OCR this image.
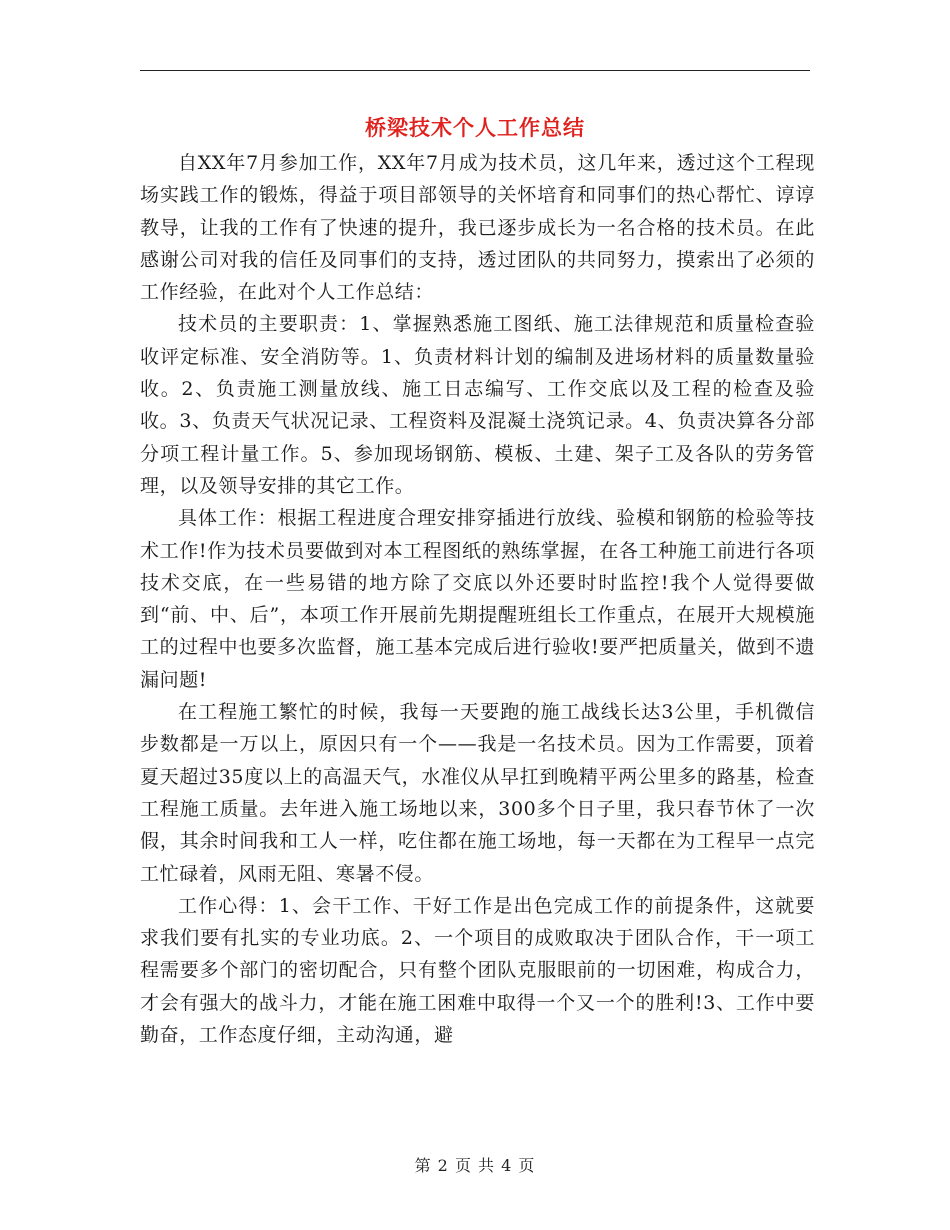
桥梁技术个人工作总结

自XX年7月参加工作，XX年7月成为技术员，这几年来，透过这个工程现场实践工作的锻炼，得益于项目部领导的关怀培育和同事们的热心帮忙、谆谆教导，让我的工作有了快速的提升，我已逐步成长为一名合格的技术员。在此感谢公司对我的信任及同事们的支持，透过团队的共同努力，摸索出了必须的工作经验，在此对个人工作总结：

技术员的主要职责：1、掌握熟悉施工图纸、施工法律规范和质量检查验收评定标准、安全消防等。1、负责材料计划的编制及进场材料的质量数量验收。2、负责施工测量放线、施工日志编写、工作交底以及工程的检查及验收。3、负责天气状况记录、工程资料及混凝土浇筑记录。4、负责决算各分部分项工程计量工作。5、参加现场钢筋、模板、土建、架子工及各队的劳务管理，以及领导安排的其它工作。

具体工作：根据工程进度合理安排穿插进行放线、验模和钢筋的检验等技术工作!作为技术员要做到对本工程图纸的熟练掌握，在各工种施工前进行各项技术交底，在一些易错的地方除了交底以外还要时时监控!我个人觉得要做到“前、中、后”，本项工作开展前先期提醒班组长工作重点，在展开大规模施工的过程中也要多次监督，施工基本完成后进行验收!要严把质量关，做到不遗漏问题!

在工程施工繁忙的时候，我每一天要跑的施工战线长达3公里，手机微信步数都是一万以上，原因只有一个——我是一名技术员。因为工作需要，顶着夏天超过35度以上的高温天气，水准仪从早扛到晚精平两公里多的路基，检查工程施工质量。去年进入施工场地以来，300多个日子里，我只春节休了一次假，其余时间我和工人一样，吃住都在施工场地，每一天都在为工程早一点完工忙碌着，风雨无阻、寒暑不侵。

工作心得：1、会干工作、干好工作是出色完成工作的前提条件，这就要求我们要有扎实的专业功底。2、一个项目的成败取决于团队合作，干一项工程需要多个部门的密切配合，只有整个团队克服眼前的一切困难，构成合力，才会有强大的战斗力，才能在施工困难中取得一个又一个的胜利!3、工作中要勤奋，工作态度仔细，主动沟通，避

第 2 页 共 4 页
